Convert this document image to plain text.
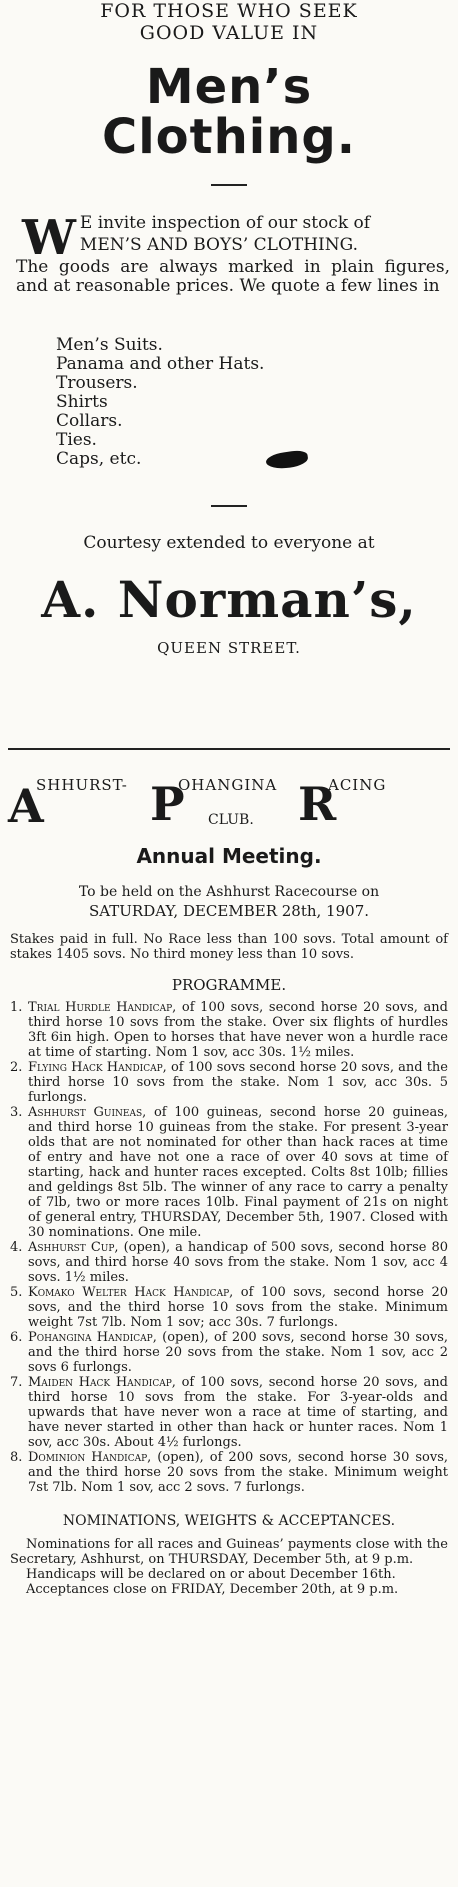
FOR THOSE WHO SEEK GOOD VALUE IN
Men’s
Clothing.
W E invite inspection of our stock of
MEN’S AND BOYS’ CLOTHING.
The goods are always marked in plain figures, and at reasonable prices. We quote a few lines in
Men’s Suits.
Panama and other Hats.
Trousers.
Shirts
Collars.
Ties.
Caps, etc.
Courtesy extended to everyone at
A. Norman’s,
QUEEN STREET.
A
SHHURST- P
OHANGINA R
ACING
CLUB.
Annual Meeting.
To be held on the Ashhurst Racecourse on
SATURDAY, DECEMBER 28th, 1907.
Stakes paid in full. No Race less than 100 sovs. Total amount of stakes 1405 sovs. No third money less than 10 sovs.
PROGRAMME.
1. Trial Hurdle Handicap, of 100 sovs, second horse 20 sovs, and third horse 10 sovs from the stake. Over six flights of hurdles 3ft 6in high. Open to horses that have never won a hurdle race at time of starting. Nom 1 sov, acc 30s. 1½ miles.
2. Flying Hack Handicap, of 100 sovs second horse 20 sovs, and the third horse 10 sovs from the stake. Nom 1 sov, acc 30s. 5 furlongs.
3. Ashhurst Guineas, of 100 guineas, second horse 20 guineas, and third horse 10 guineas from the stake. For present 3-year olds that are not nominated for other than hack races at time of entry and have not one a race of over 40 sovs at time of starting, hack and hunter races excepted. Colts 8st 10lb; fillies and geldings 8st 5lb. The winner of any race to carry a penalty of 7lb, two or more races 10lb. Final payment of 21s on night of general entry, THURSDAY, December 5th, 1907. Closed with 30 nominations. One mile.
4. Ashhurst Cup, (open), a handicap of 500 sovs, second horse 80 sovs, and third horse 40 sovs from the stake. Nom 1 sov, acc 4 sovs. 1½ miles.
5. Komako Welter Hack Handicap, of 100 sovs, second horse 20 sovs, and the third horse 10 sovs from the stake. Minimum weight 7st 7lb. Nom 1 sov; acc 30s. 7 furlongs.
6. Pohangina Handicap, (open), of 200 sovs, second horse 30 sovs, and the third horse 20 sovs from the stake. Nom 1 sov, acc 2 sovs 6 furlongs.
7. Maiden Hack Handicap, of 100 sovs, second horse 20 sovs, and third horse 10 sovs from the stake. For 3-year-olds and upwards that have never won a race at time of starting, and have never started in other than hack or hunter races. Nom 1 sov, acc 30s. About 4½ furlongs.
8. Dominion Handicap, (open), of 200 sovs, second horse 30 sovs, and the third horse 20 sovs from the stake. Minimum weight 7st 7lb. Nom 1 sov, acc 2 sovs. 7 furlongs.
NOMINATIONS, WEIGHTS & ACCEPTANCES.
Nominations for all races and Guineas’ payments close with the Secretary, Ashhurst, on THURSDAY, December 5th, at 9 p.m.
Handicaps will be declared on or about December 16th.
Acceptances close on FRIDAY, December 20th, at 9 p.m.
